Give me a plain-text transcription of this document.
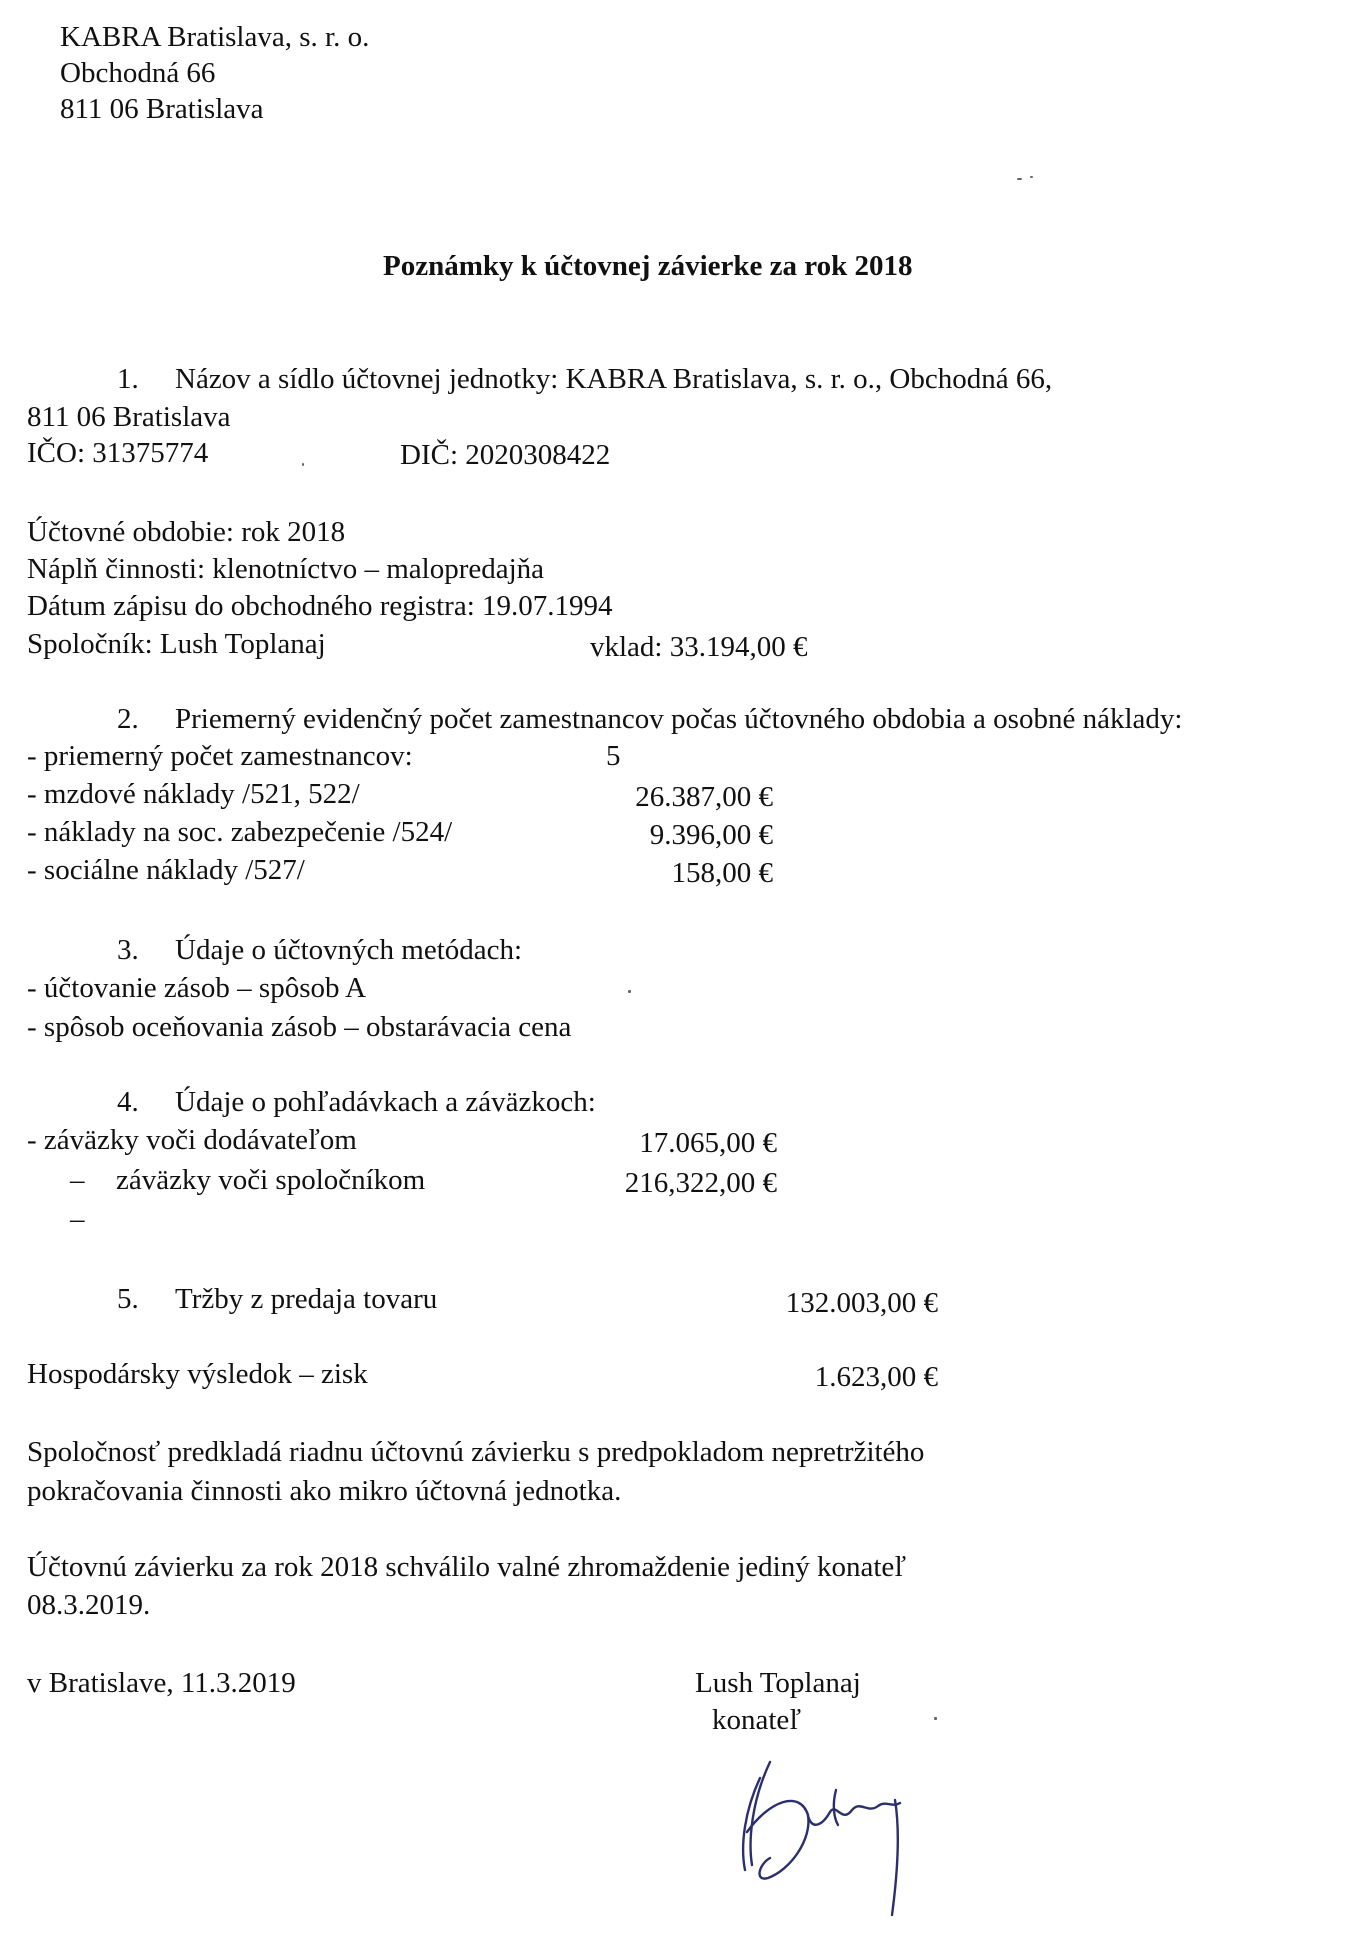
KABRA Bratislava, s. r. o.
Obchodná 66
811 06 Bratislava
Poznámky k účtovnej závierke za rok 2018
1. Názov a sídlo účtovnej jednotky: KABRA Bratislava, s. r. o., Obchodná 66,
811 06 Bratislava
IČO: 31375774	DIČ: 2020308422
Účtovné obdobie: rok 2018
Náplň činnosti: klenotníctvo – malopredajňa
Dátum zápisu do obchodného registra: 19.07.1994
Spoločník: Lush Toplanaj	vklad: 33.194,00 €
2. Priemerný evidenčný počet zamestnancov počas účtovného obdobia a osobné náklady:
- priemerný počet zamestnancov:	5
- mzdové náklady /521, 522/	26.387,00 €
- náklady na soc. zabezpečenie /524/	9.396,00 €
- sociálne náklady /527/	158,00 €
3. Údaje o účtovných metódach:
- účtovanie zásob – spôsob A
- spôsob oceňovania zásob – obstarávacia cena
4. Údaje o pohľadávkach a záväzkoch:
- záväzky voči dodávateľom	17.065,00 €
– záväzky voči spoločníkom	216,322,00 €
–
5. Tržby z predaja tovaru	132.003,00 €
Hospodársky výsledok – zisk	1.623,00 €
Spoločnosť predkladá riadnu účtovnú závierku s predpokladom nepretržitého
pokračovania činnosti ako mikro účtovná jednotka.
Účtovnú závierku za rok 2018 schválilo valné zhromaždenie jediný konateľ
08.3.2019.
v Bratislave, 11.3.2019	Lush Toplanaj
konateľ
